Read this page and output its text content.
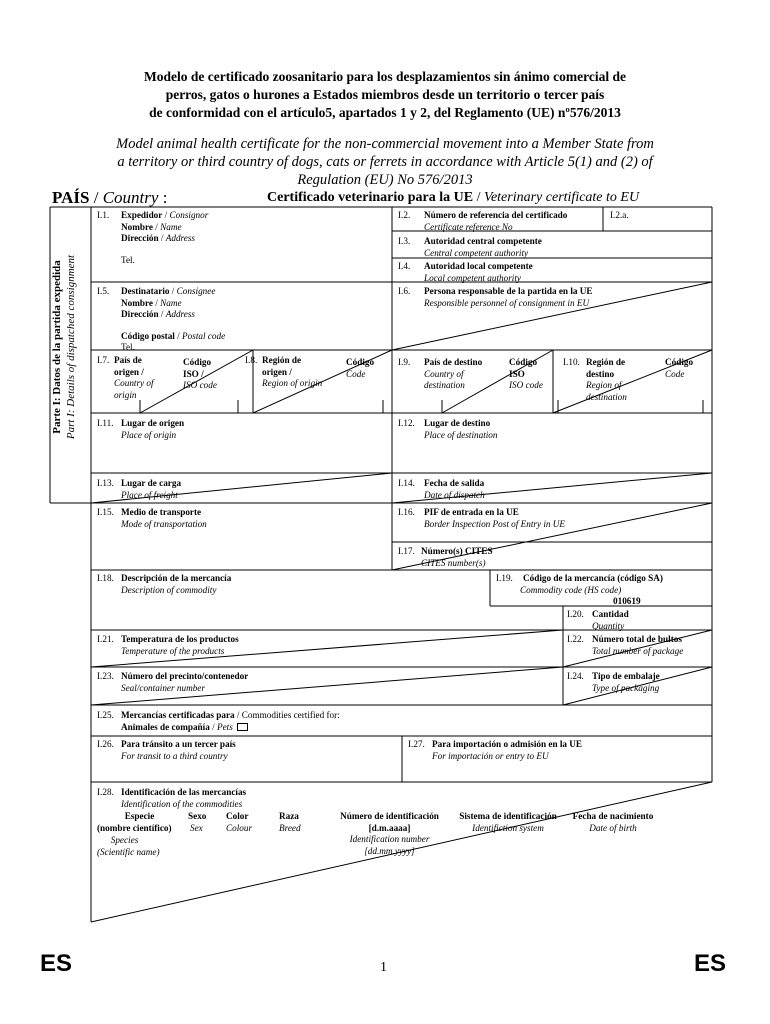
Modelo de certificado zoosanitario para los desplazamientos sin ánimo comercial de
perros, gatos o hurones a Estados miembros desde un territorio o tercer país
de conformidad con el artículo5, apartados 1 y 2, del Reglamento (UE) nº576/2013
Model animal health certificate for the non-commercial movement into a Member State from
a territory or third country of dogs, cats or ferrets in accordance with Article 5(1) and (2) of
Regulation (EU) No 576/2013
PAÍS / Country :	Certificado veterinario para la UE / Veterinary certificate to EU
Parte I: Datos de la partida expedida Part I: Details of dispatched consignment
I.1. Expedidor / Consignor
Nombre / Name
Dirección / Address
Tel.
I.2. Número de referencia del certificado
Certificate reference No
I.2.a.
I.3. Autoridad central competente
Central competent authority
I.4. Autoridad local competente
Local competent authority
I.5. Destinatario / Consignee
Nombre / Name
Dirección / Address
Código postal / Postal code
Tel.
I.6. Persona responsable de la partida en la UE
Responsible personnel of consignment in EU
I.7. País de
origen /
Country of
origin
Código
ISO /
ISO code
I.8. Región de
origen /
Region of origin
Código
Code
I.9. País de destino
Country of
destination
Código
ISO
ISO code
I.10. Región de
destino
Region of
destination
Código
Code
I.11. Lugar de origen
Place of origin
I.12. Lugar de destino
Place of destination
I.13. Lugar de carga
Place of freight
I.14. Fecha de salida
Date of dispatch
I.15. Medio de transporte
Mode of transportation
I.16. PIF de entrada en la UE
Border Inspection Post of Entry in UE
I.17. Número(s) CITES
CITES number(s)
I.18. Descripción de la mercancía
Description of commodity
I.19. Código de la mercancía (código SA)
Commodity code (HS code)
010619
I.20. Cantidad
Quantity
I.21. Temperatura de los productos
Temperature of the products
I.22. Número total de bultos
Total number of package
I.23. Número del precinto/contenedor
Seal/container number
I.24. Tipo de embalaje
Type of packaging
I.25. Mercancías certificadas para / Commodities certified for:
Animales de compañía / Pets
I.26. Para tránsito a un tercer país
For transit to a third country
I.27. Para importación o admisión en la UE
For importación or entry to EU
I.28. Identificación de las mercancías
Identification of the commodities
Especie
(nombre científico)
Species
(Scientific name)
Sexo
Sex
Color
Colour
Raza
Breed
Número de identificación
[d.m.aaaa]
Identification number
[dd.mm.yyyy]
Sistema de identificación
Identifiction system
Fecha de nacimiento
Date of birth
ES	1	ES
